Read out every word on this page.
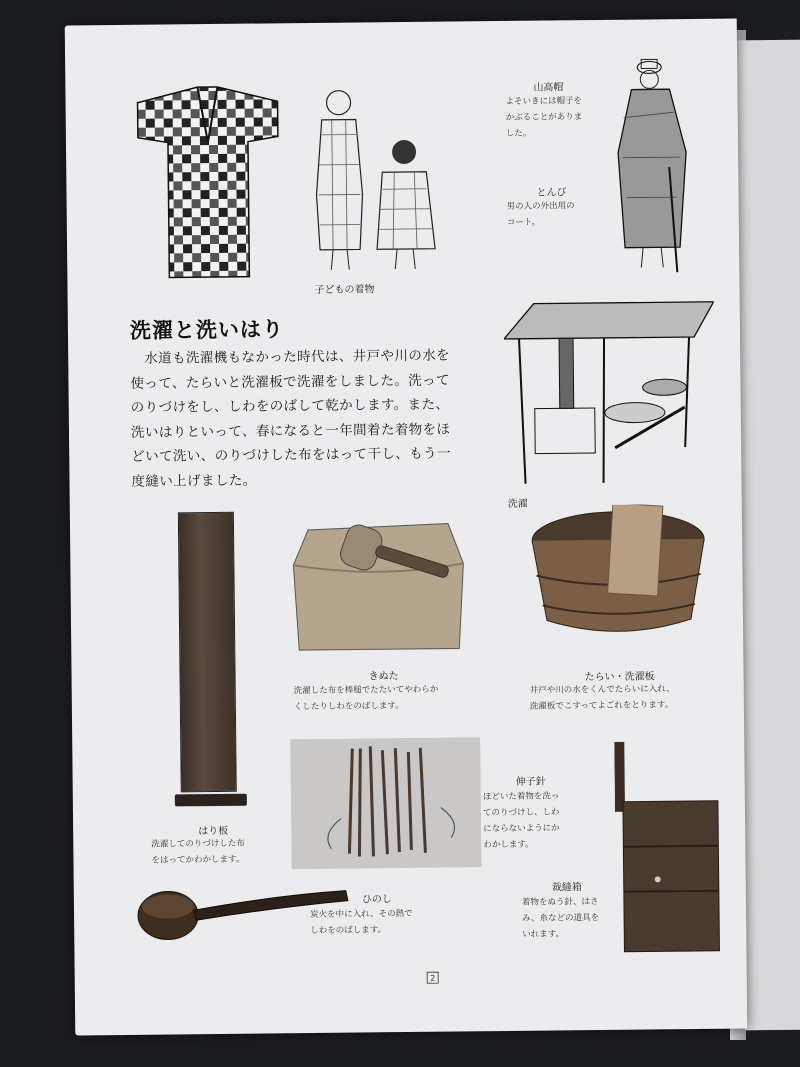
子どもの着物
山高帽
よそいきには帽子を
かぶることがありま
した。
とんび
男の人の外出用の
コート。
洗濯と洗いはり

水道も洗濯機もなかった時代は、井戸や川の水を

使って、たらいと洗濯板で洗濯をしました。洗って

のりづけをし、しわをのばして乾かします。また、

洗いはりといって、春になると一年間着た着物をほ

どいて洗い、のりづけした布をはって干し、もう一

度縫い上げました。

洗濯
はり板
洗濯してのりづけした布
をはってかわかします。
きぬた
洗濯した布を棒槌でたたいてやわらか
くしたりしわをのばします。
たらい・洗濯板
井戸や川の水をくんでたらいに入れ、
洗濯板でこすってよごれをとります。
伸子針
ほどいた着物を洗っ
てのりづけし、しわ
にならないようにか
わかします。
裁縫箱
着物をぬう針、はさ
み、糸などの道具を
いれます。
ひのし
炭火を中に入れ、その熱で
しわをのばします。
2
